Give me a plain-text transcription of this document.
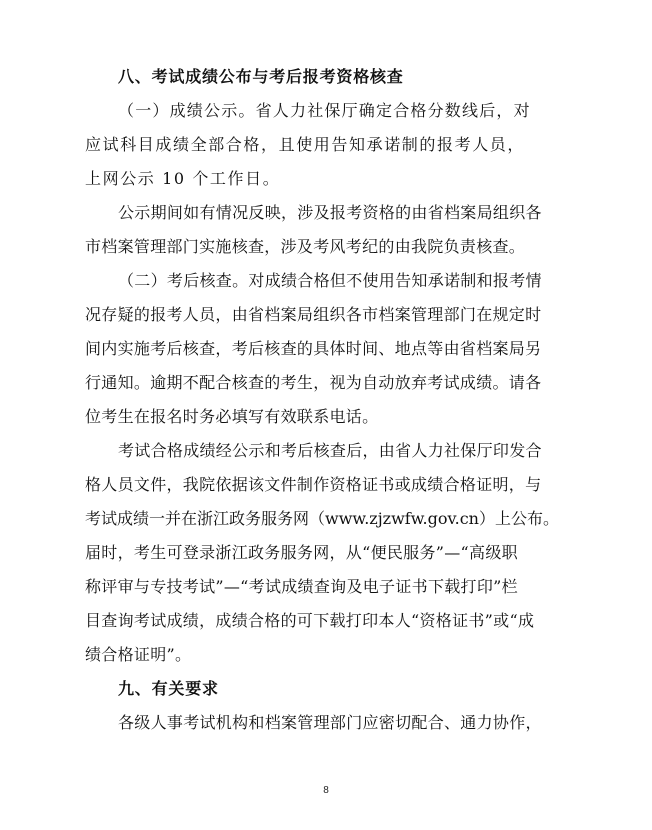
八、考试成绩公布与考后报考资格核查
（一）成绩公示。省人力社保厅确定合格分数线后，对
应试科目成绩全部合格，且使用告知承诺制的报考人员，
上网公示 10 个工作日。
公示期间如有情况反映，涉及报考资格的由省档案局组织各
市档案管理部门实施核查，涉及考风考纪的由我院负责核查。
（二）考后核查。对成绩合格但不使用告知承诺制和报考情
况存疑的报考人员，由省档案局组织各市档案管理部门在规定时
间内实施考后核查，考后核查的具体时间、地点等由省档案局另
行通知。逾期不配合核查的考生，视为自动放弃考试成绩。请各
位考生在报名时务必填写有效联系电话。
考试合格成绩经公示和考后核查后，由省人力社保厅印发合
格人员文件，我院依据该文件制作资格证书或成绩合格证明，与
考试成绩一并在浙江政务服务网（www.zjzwfw.gov.cn）上公布。
届时，考生可登录浙江政务服务网，从“便民服务”—“高级职
称评审与专技考试”—“考试成绩查询及电子证书下载打印”栏
目查询考试成绩，成绩合格的可下载打印本人“资格证书”或“成
绩合格证明”。
九、有关要求
各级人事考试机构和档案管理部门应密切配合、通力协作，
8
